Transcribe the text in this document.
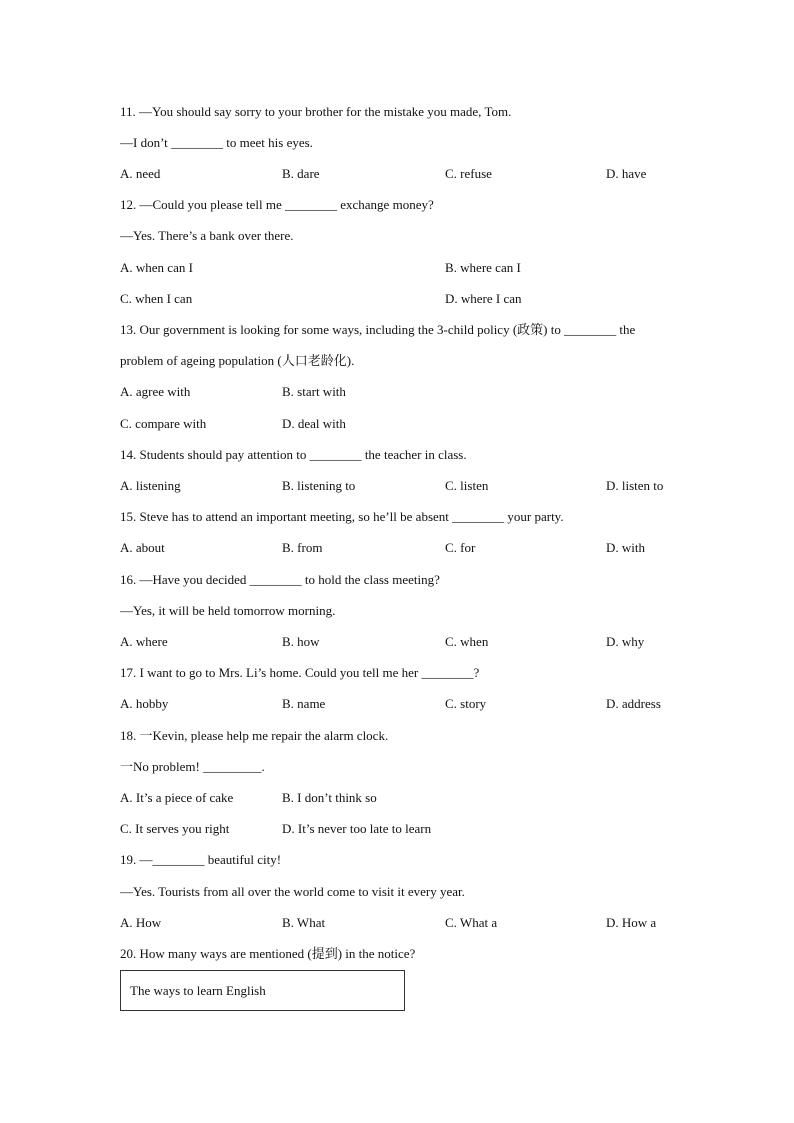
11. —You should say sorry to your brother for the mistake you made, Tom.
—I don’t ________ to meet his eyes.
A. need	B. dare	C. refuse	D. have
12. —Could you please tell me ________ exchange money?
—Yes. There’s a bank over there.
A. when can I	B. where can I
C. when I can	D. where I can
13. Our government is looking for some ways, including the 3-child policy (政策) to ________ the
problem of ageing population (人口老龄化).
A. agree with	B. start with
C. compare with	D. deal with
14. Students should pay attention to ________ the teacher in class.
A. listening	B. listening to	C. listen	D. listen to
15. Steve has to attend an important meeting, so he’ll be absent ________ your party.
A. about	B. from	C. for	D. with
16. —Have you decided ________ to hold the class meeting?
—Yes, it will be held tomorrow morning.
A. where	B. how	C. when	D. why
17. I want to go to Mrs. Li’s home. Could you tell me her ________?
A. hobby	B. name	C. story	D. address
18. 一Kevin, please help me repair the alarm clock.
一No problem! _________.
A. It’s a piece of cake	B. I don’t think so
C. It serves you right	D. It’s never too late to learn
19. —________ beautiful city!
—Yes. Tourists from all over the world come to visit it every year.
A. How	B. What	C. What a	D. How a
20. How many ways are mentioned (提到) in the notice?
The ways to learn English
